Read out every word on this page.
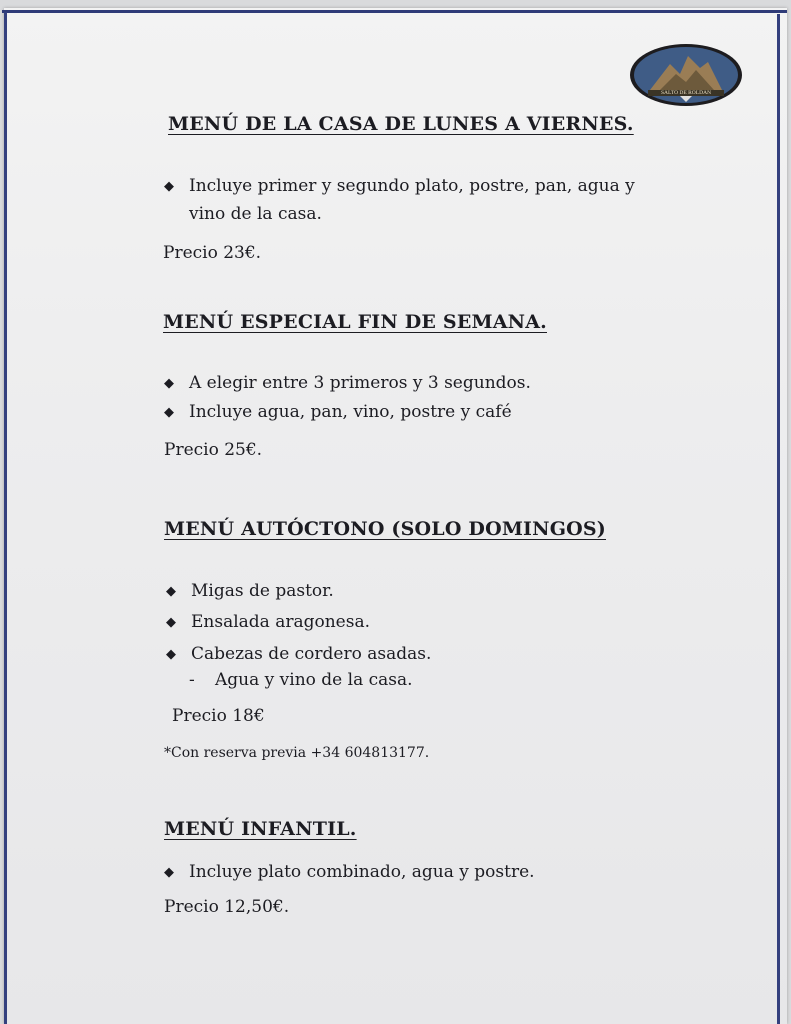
SALTO DE ROLDAN
MENÚ DE LA CASA DE LUNES A VIERNES.
◆ Incluye primer y segundo plato, postre, pan, agua y
vino de la casa.
Precio 23€.
MENÚ ESPECIAL FIN DE SEMANA.
◆ A elegir entre 3 primeros y 3 segundos.
◆ Incluye agua, pan, vino, postre y café
Precio 25€.
MENÚ AUTÓCTONO (SOLO DOMINGOS)
◆ Migas de pastor.
◆ Ensalada aragonesa.
◆ Cabezas de cordero asadas.
- Agua y vino de la casa.
Precio 18€
*Con reserva previa +34 604813177.
MENÚ INFANTIL.
◆ Incluye plato combinado, agua y postre.
Precio 12,50€.
